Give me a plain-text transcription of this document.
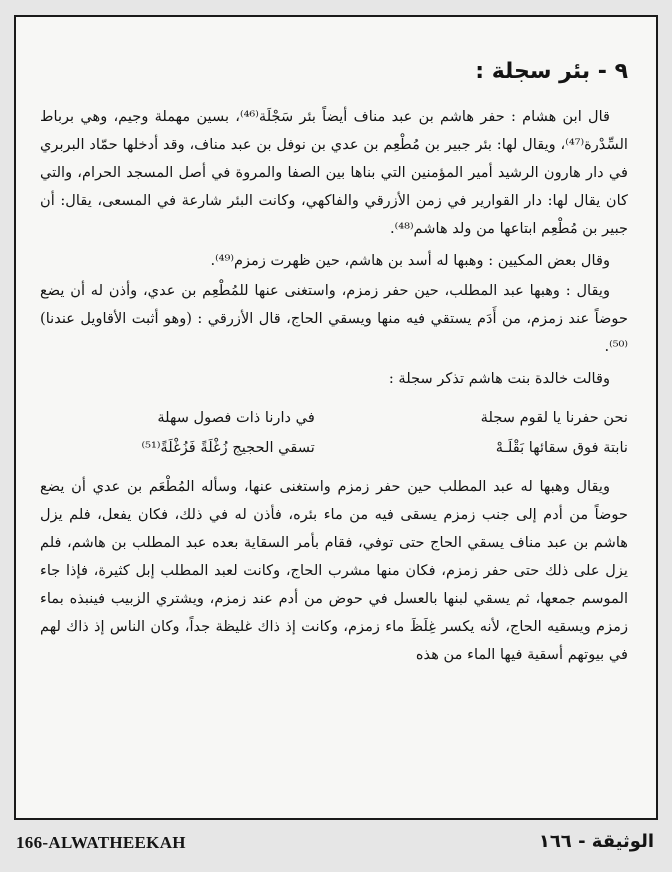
٩ - بئر سجلة :

قال ابن هشام : حفر هاشم بن عبد مناف أيضاً بئر سَجْلَة⁽⁴⁶⁾، بسين مهملة وجيم، وهي برباط السِّدْرة⁽⁴⁷⁾، ويقال لها: بئر جبير بن مُطْعِم بن عدي بن نوفل بن عبد مناف، وقد أدخلها حمّاد البربري في دار هارون الرشيد أمير المؤمنين التي بناها بين الصفا والمروة في أصل المسجد الحرام، والتي كان يقال لها: دار القوارير في زمن الأزرقي والفاكهي، وكانت البئر شارعة في المسعى، يقال: أن جبير بن مُطْعِم ابتاعها من ولد هاشم⁽⁴⁸⁾.

وقال بعض المكيين : وهبها له أسد بن هاشم، حين ظهرت زمزم⁽⁴⁹⁾.

ويقال : وهبها عبد المطلب، حين حفر زمزم، واستغنى عنها للمُطْعِم بن عدي، وأذن له أن يضع حوضاً عند زمزم، من أَدَم يستقي فيه منها ويسقي الحاج، قال الأزرقي : (وهو أثبت الأقاويل عندنا)⁽⁵⁰⁾.

وقالت خالدة بنت هاشم تذكر سجلة :

نحن حفرنا يا لقوم سجلة
في دارنا ذات فصول سهلة
نابتة فوق سقائها بَقْلَـهْ
تسقي الحجيج زُغْلَةً فَزُغْلَةً⁽⁵¹⁾

ويقال وهبها له عبد المطلب حين حفر زمزم واستغنى عنها، وسأله المُطْعَم بن عدي أن يضع حوضاً من أدم إلى جنب زمزم يسقى فيه من ماء بئره، فأذن له في ذلك، فكان يفعل، فلم يزل هاشم بن عبد مناف يسقي الحاج حتى توفي، فقام بأمر السقاية بعده عبد المطلب بن هاشم، فلم يزل على ذلك حتى حفر زمزم، فكان منها مشرب الحاج، وكانت لعبد المطلب إبل كثيرة، فإذا جاء الموسم جمعها، ثم يسقي لبنها بالعسل في حوض من أدم عند زمزم، ويشتري الزبيب فينبذه بماء زمزم ويسقيه الحاج، لأنه يكسر غِلَظَ ماء زمزم، وكانت إذ ذاك غليظة جداً، وكان الناس إذ ذاك لهم في بيوتهم أسقية فيها الماء من هذه

166-ALWATHEEKAH	الوثيقة - ١٦٦
